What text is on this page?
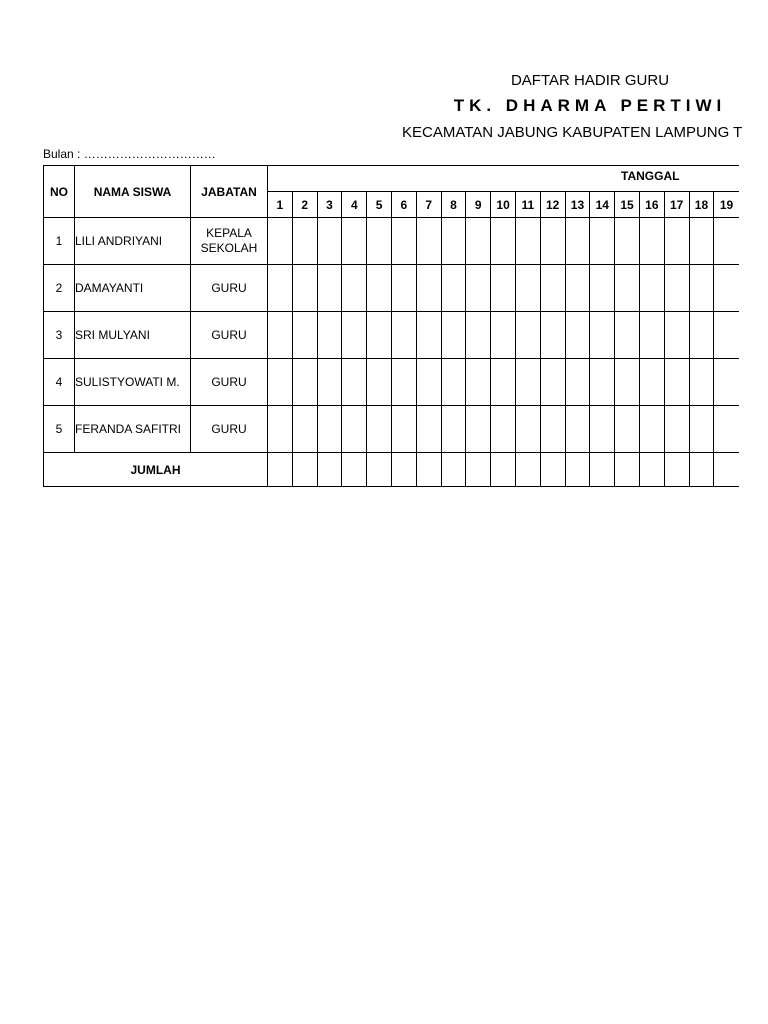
DAFTAR HADIR GURU
TK. DHARMA PERTIWI
KECAMATAN JABUNG KABUPATEN LAMPUNG T
Bulan : ……………………………
NO	NAMA SISWA	JABATAN	TANGGAL																		
			1	2	3	4	5	6	7	8	9	10	11	12	13	14	15	16	17	18	19
1	LILI ANDRIYANI	KEPALA SEKOLAH																			
2	DAMAYANTI	GURU																			
3	SRI MULYANI	GURU																			
4	SULISTYOWATI M.	GURU																			
5	FERANDA SAFITRI	GURU																			
JUMLAH																					
